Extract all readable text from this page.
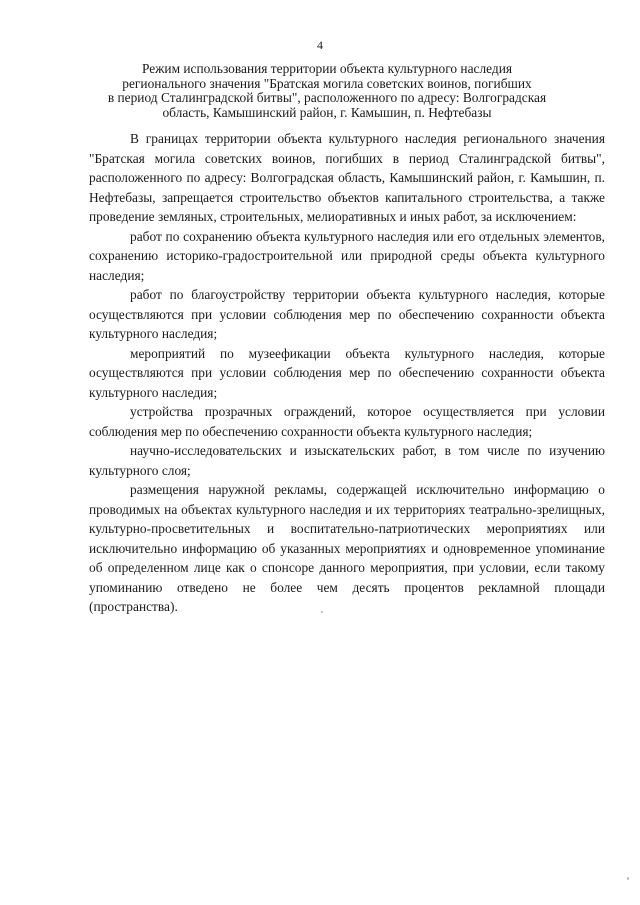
4
Режим использования территории объекта культурного наследия
регионального значения "Братская могила советских воинов, погибших
в период Сталинградской битвы", расположенного по адресу: Волгоградская
область, Камышинский район, г. Камышин, п. Нефтебазы

В границах территории объекта культурного наследия регионального значения "Братская могила советских воинов, погибших в период Сталинградской битвы", расположенного по адресу: Волгоградская область, Камышинский район, г. Камышин, п. Нефтебазы, запрещается строительство объектов капитального строительства, а также проведение земляных, строительных, мелиоративных и иных работ, за исключением:

работ по сохранению объекта культурного наследия или его отдельных элементов, сохранению историко-градостроительной или природной среды объекта культурного наследия;

работ по благоустройству территории объекта культурного наследия, которые осуществляются при условии соблюдения мер по обеспечению сохранности объекта культурного наследия;

мероприятий по музеефикации объекта культурного наследия, которые осуществляются при условии соблюдения мер по обеспечению сохранности объекта культурного наследия;

устройства прозрачных ограждений, которое осуществляется при условии соблюдения мер по обеспечению сохранности объекта культурного наследия;

научно-исследовательских и изыскательских работ, в том числе по изучению культурного слоя;

размещения наружной рекламы, содержащей исключительно информацию о проводимых на объектах культурного наследия и их территориях театрально-зрелищных, культурно-просветительных и воспитательно-патриотических мероприятиях или исключительно информацию об указанных мероприятиях и одновременное упоминание об определенном лице как о спонсоре данного мероприятия, при условии, если такому упоминанию отведено не более чем десять процентов рекламной площади (пространства).
